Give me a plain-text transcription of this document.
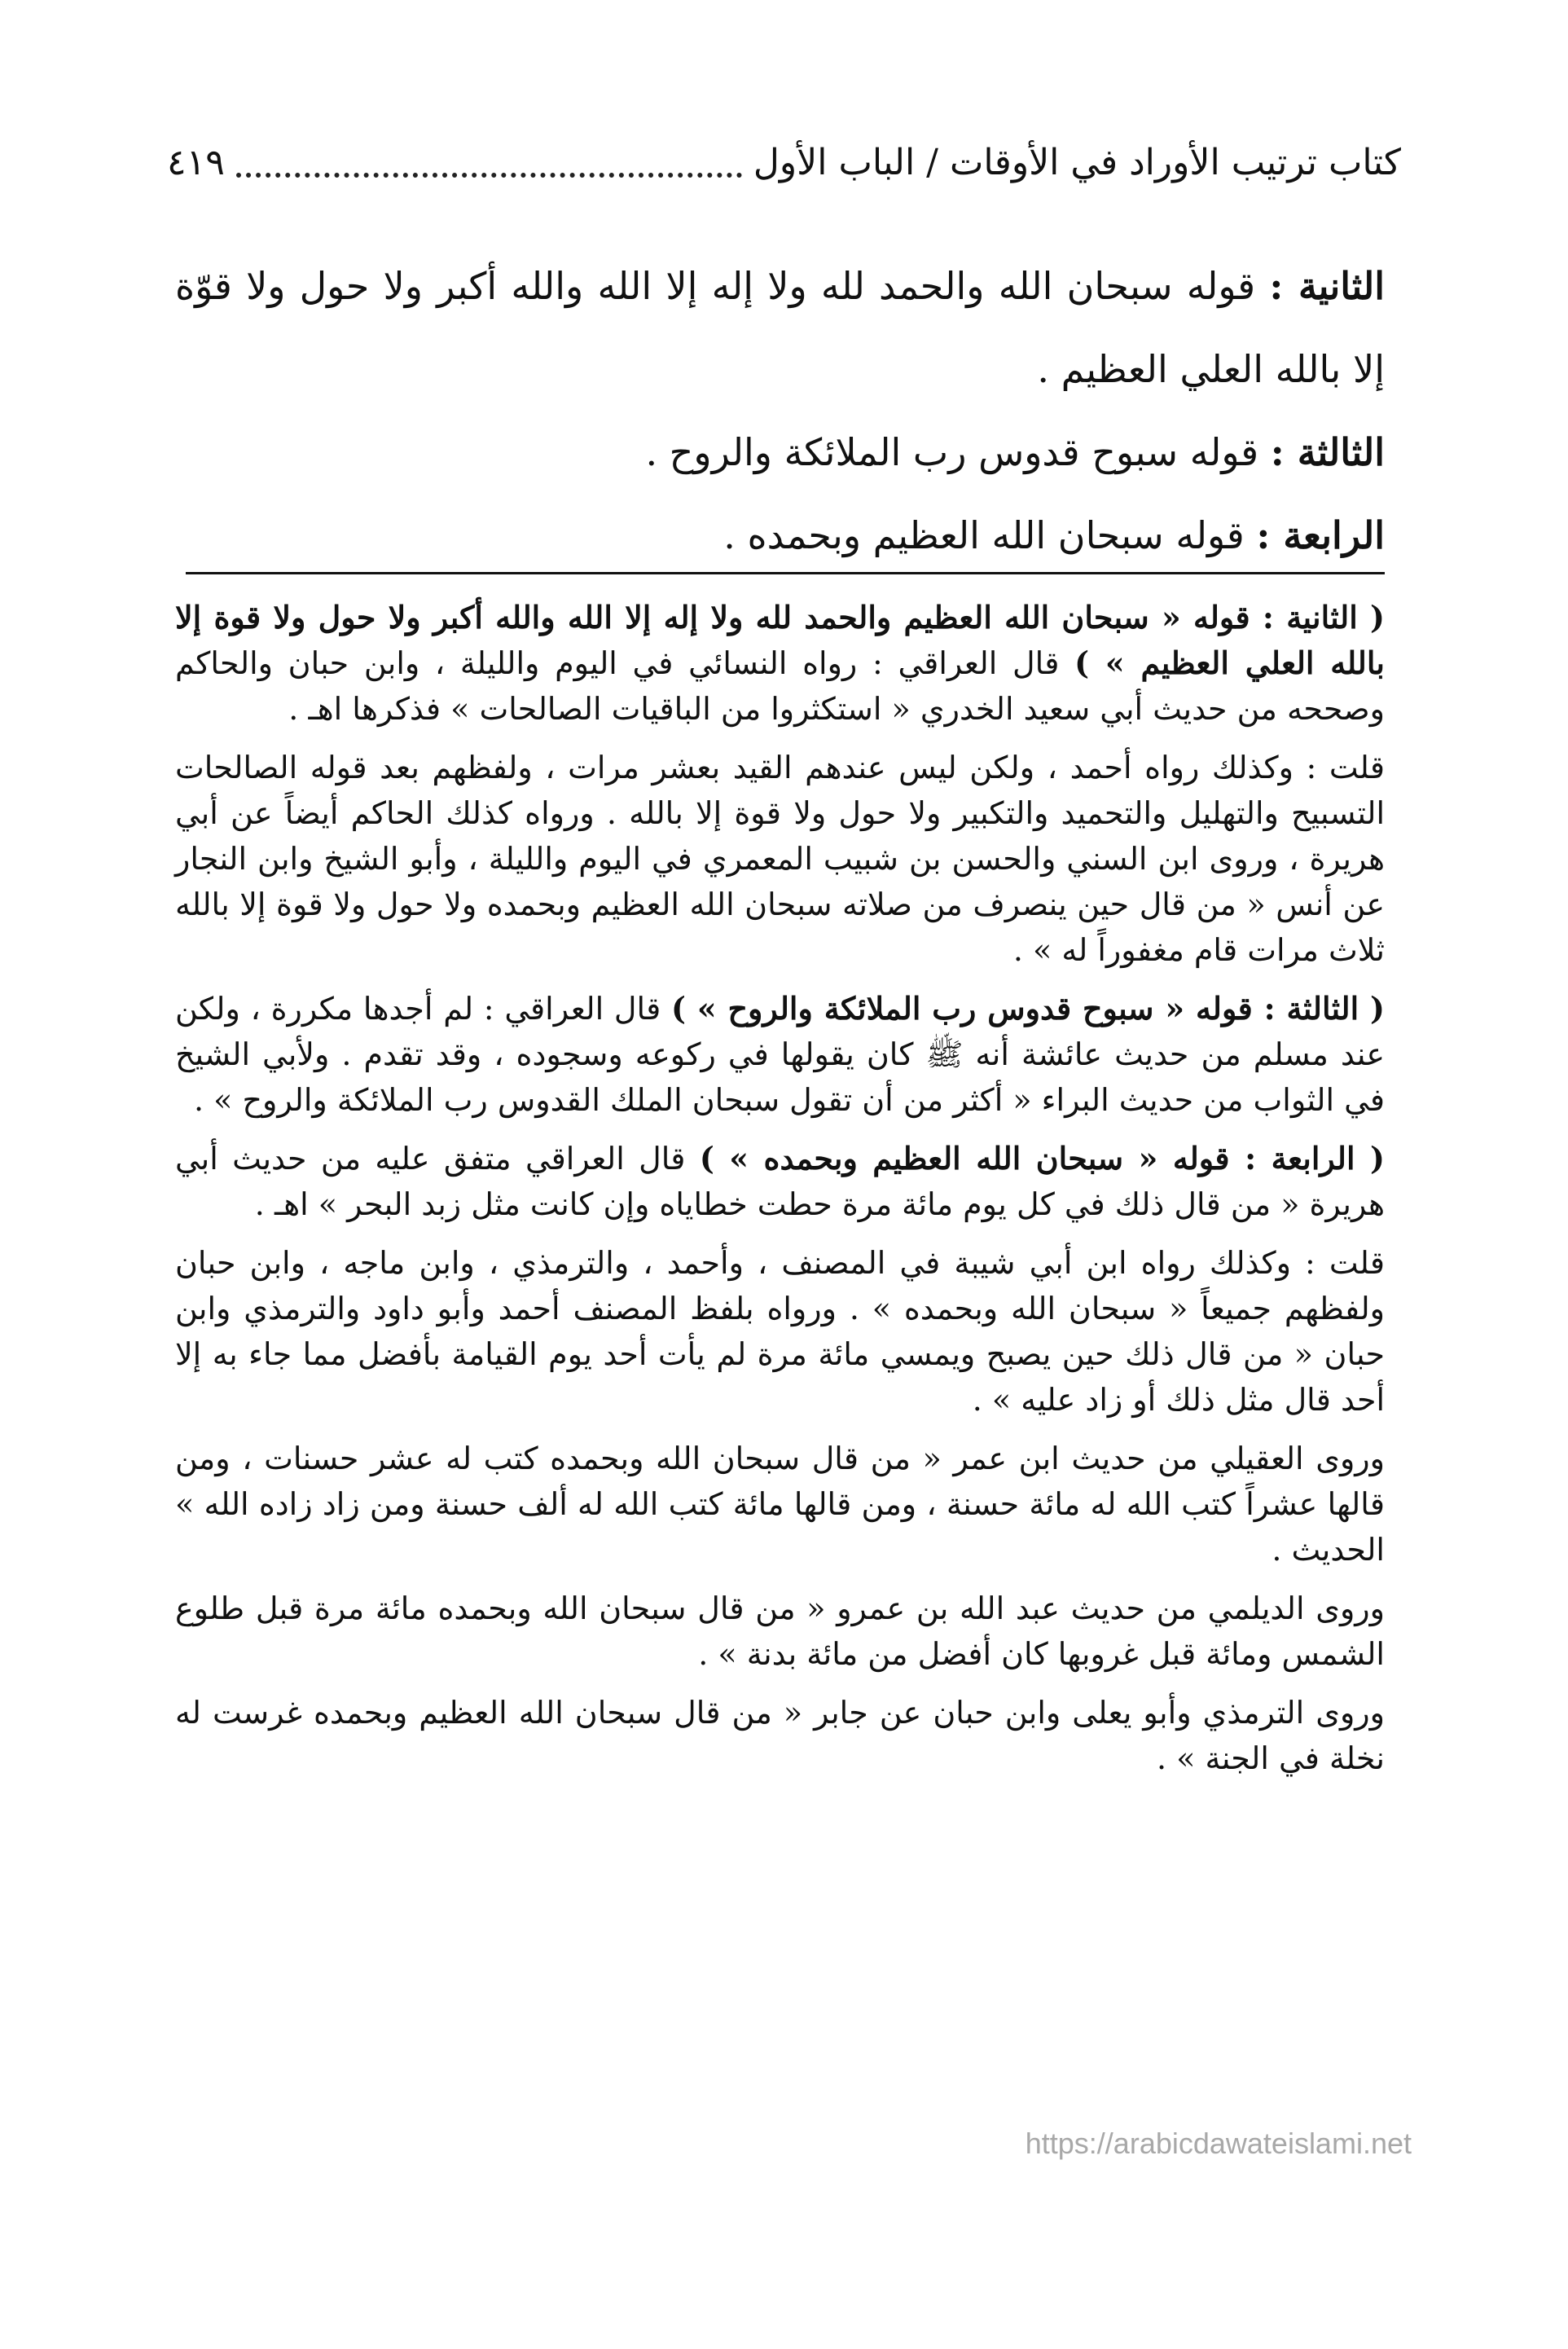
كتاب ترتيب الأوراد في الأوقات / الباب الأول
٤١٩

الثانية : قوله سبحان الله والحمد لله ولا إله إلا الله والله أكبر ولا حول ولا قوّة إلا بالله العلي العظيم .

الثالثة : قوله سبوح قدوس رب الملائكة والروح .

الرابعة : قوله سبحان الله العظيم وبحمده .

( الثانية : قوله « سبحان الله العظيم والحمد لله ولا إله إلا الله والله أكبر ولا حول ولا قوة إلا بالله العلي العظيم » ) قال العراقي : رواه النسائي في اليوم والليلة ، وابن حبان والحاكم وصححه من حديث أبي سعيد الخدري « استكثروا من الباقيات الصالحات » فذكرها اهـ .

قلت : وكذلك رواه أحمد ، ولكن ليس عندهم القيد بعشر مرات ، ولفظهم بعد قوله الصالحات التسبيح والتهليل والتحميد والتكبير ولا حول ولا قوة إلا بالله . ورواه كذلك الحاكم أيضاً عن أبي هريرة ، وروى ابن السني والحسن بن شبيب المعمري في اليوم والليلة ، وأبو الشيخ وابن النجار عن أنس « من قال حين ينصرف من صلاته سبحان الله العظيم وبحمده ولا حول ولا قوة إلا بالله ثلاث مرات قام مغفوراً له » .

( الثالثة : قوله « سبوح قدوس رب الملائكة والروح » ) قال العراقي : لم أجدها مكررة ، ولكن عند مسلم من حديث عائشة أنه ﷺ كان يقولها في ركوعه وسجوده ، وقد تقدم . ولأبي الشيخ في الثواب من حديث البراء « أكثر من أن تقول سبحان الملك القدوس رب الملائكة والروح » .

( الرابعة : قوله « سبحان الله العظيم وبحمده » ) قال العراقي متفق عليه من حديث أبي هريرة « من قال ذلك في كل يوم مائة مرة حطت خطاياه وإن كانت مثل زبد البحر » اهـ .

قلت : وكذلك رواه ابن أبي شيبة في المصنف ، وأحمد ، والترمذي ، وابن ماجه ، وابن حبان ولفظهم جميعاً « سبحان الله وبحمده » . ورواه بلفظ المصنف أحمد وأبو داود والترمذي وابن حبان « من قال ذلك حين يصبح ويمسي مائة مرة لم يأت أحد يوم القيامة بأفضل مما جاء به إلا أحد قال مثل ذلك أو زاد عليه » .

وروى العقيلي من حديث ابن عمر « من قال سبحان الله وبحمده كتب له عشر حسنات ، ومن قالها عشراً كتب الله له مائة حسنة ، ومن قالها مائة كتب الله له ألف حسنة ومن زاد زاده الله » الحديث .

وروى الديلمي من حديث عبد الله بن عمرو « من قال سبحان الله وبحمده مائة مرة قبل طلوع الشمس ومائة قبل غروبها كان أفضل من مائة بدنة » .

وروى الترمذي وأبو يعلى وابن حبان عن جابر « من قال سبحان الله العظيم وبحمده غرست له نخلة في الجنة » .

https://arabicdawateislami.net
